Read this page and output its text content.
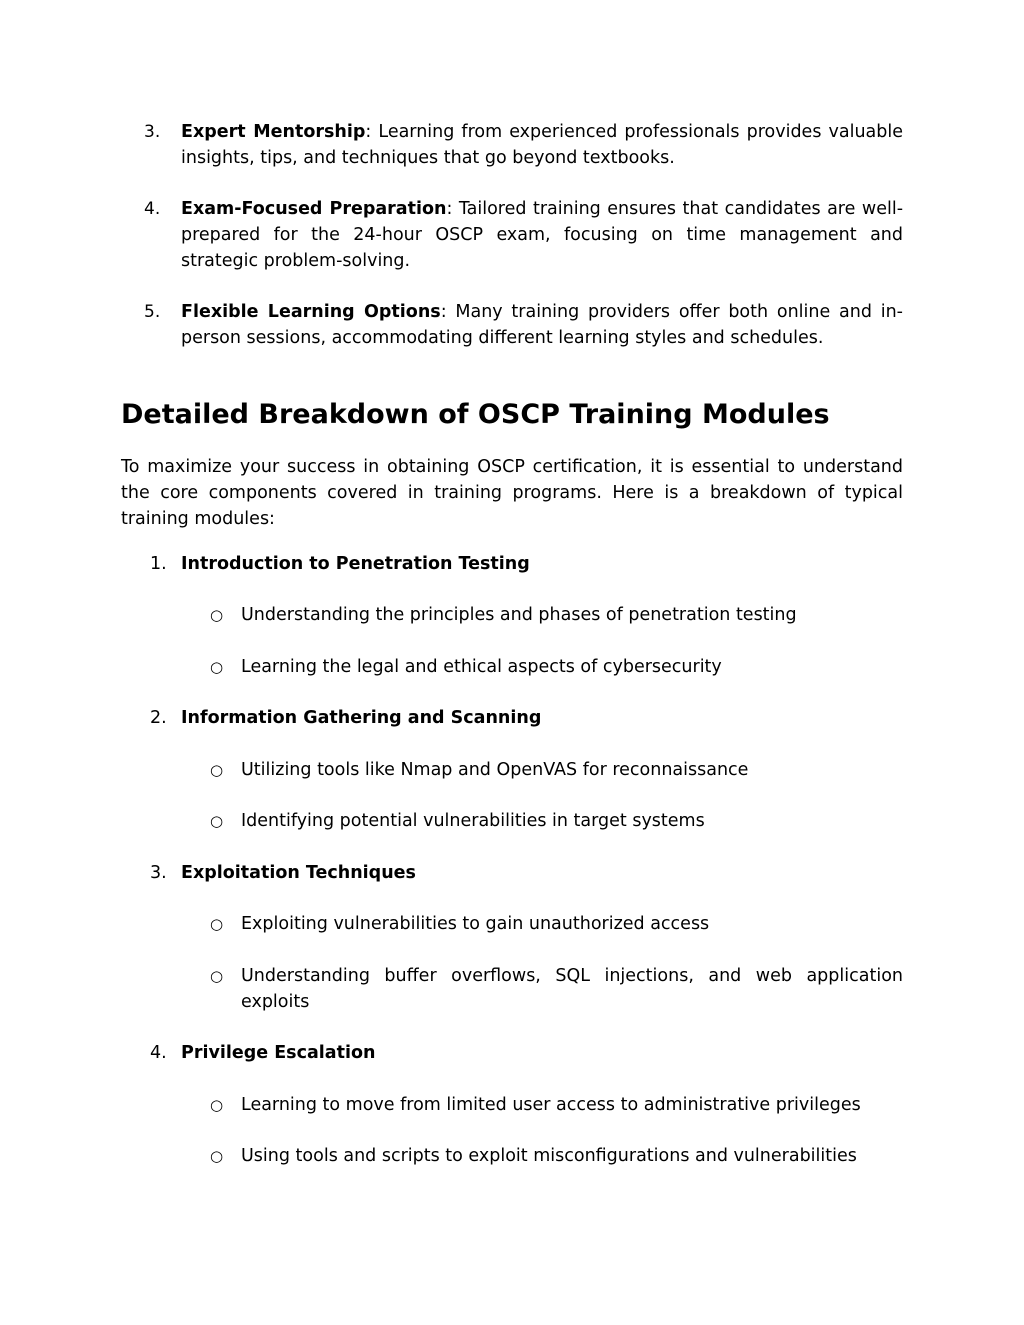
3. Expert Mentorship: Learning from experienced professionals provides valuable insights, tips, and techniques that go beyond textbooks.
4. Exam-Focused Preparation: Tailored training ensures that candidates are well-prepared for the 24-hour OSCP exam, focusing on time management and strategic problem-solving.
5. Flexible Learning Options: Many training providers offer both online and in-person sessions, accommodating different learning styles and schedules.
Detailed Breakdown of OSCP Training Modules
To maximize your success in obtaining OSCP certification, it is essential to understand the core components covered in training programs. Here is a breakdown of typical training modules:
1. Introduction to Penetration Testing
○ Understanding the principles and phases of penetration testing
○ Learning the legal and ethical aspects of cybersecurity
2. Information Gathering and Scanning
○ Utilizing tools like Nmap and OpenVAS for reconnaissance
○ Identifying potential vulnerabilities in target systems
3. Exploitation Techniques
○ Exploiting vulnerabilities to gain unauthorized access
○ Understanding buffer overflows, SQL injections, and web application exploits
4. Privilege Escalation
○ Learning to move from limited user access to administrative privileges
○ Using tools and scripts to exploit misconfigurations and vulnerabilities
